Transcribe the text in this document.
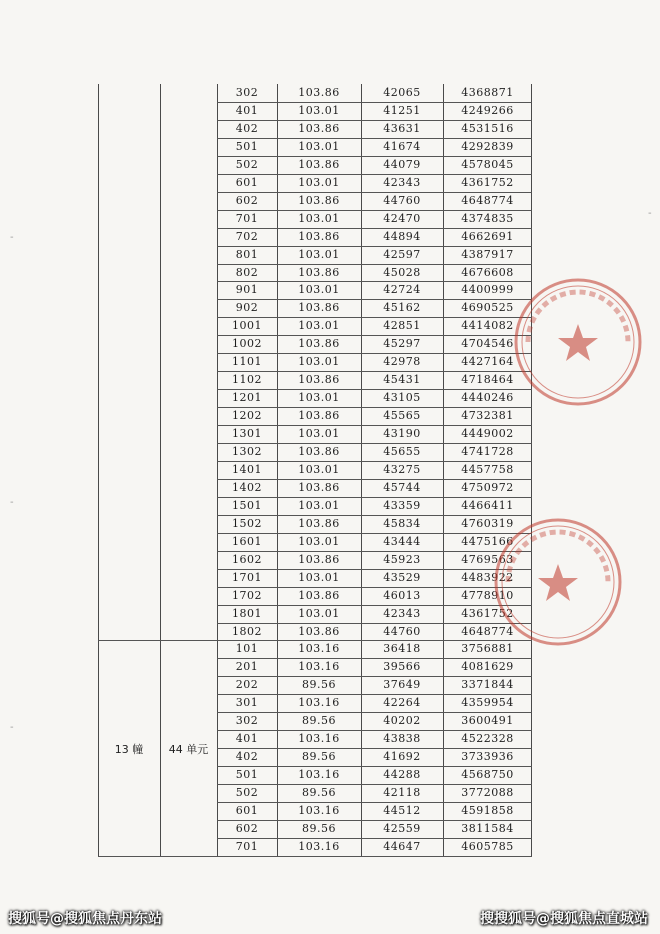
-
-
-
-
302	103.86	42065	4368871
401	103.01	41251	4249266
402	103.86	43631	4531516
501	103.01	41674	4292839
502	103.86	44079	4578045
601	103.01	42343	4361752
602	103.86	44760	4648774
701	103.01	42470	4374835
702	103.86	44894	4662691
801	103.01	42597	4387917
802	103.86	45028	4676608
901	103.01	42724	4400999
902	103.86	45162	4690525
1001	103.01	42851	4414082
1002	103.86	45297	4704546
1101	103.01	42978	4427164
1102	103.86	45431	4718464
1201	103.01	43105	4440246
1202	103.86	45565	4732381
1301	103.01	43190	4449002
1302	103.86	45655	4741728
1401	103.01	43275	4457758
1402	103.86	45744	4750972
1501	103.01	43359	4466411
1502	103.86	45834	4760319
1601	103.01	43444	4475166
1602	103.86	45923	4769563
1701	103.01	43529	4483922
1702	103.86	46013	4778910
1801	103.01	42343	4361752
1802	103.86	44760	4648774
101	103.16	36418	3756881
201	103.16	39566	4081629
202	89.56	37649	3371844
301	103.16	42264	4359954
302	89.56	40202	3600491
401	103.16	43838	4522328
402	89.56	41692	3733936
501	103.16	44288	4568750
502	89.56	42118	3772088
601	103.16	44512	4591858
602	89.56	42559	3811584
701	103.16	44647	4605785
13 幢	44 单元
搜狐号@搜狐焦点丹东站	搜搜狐号@搜狐焦点直城站
